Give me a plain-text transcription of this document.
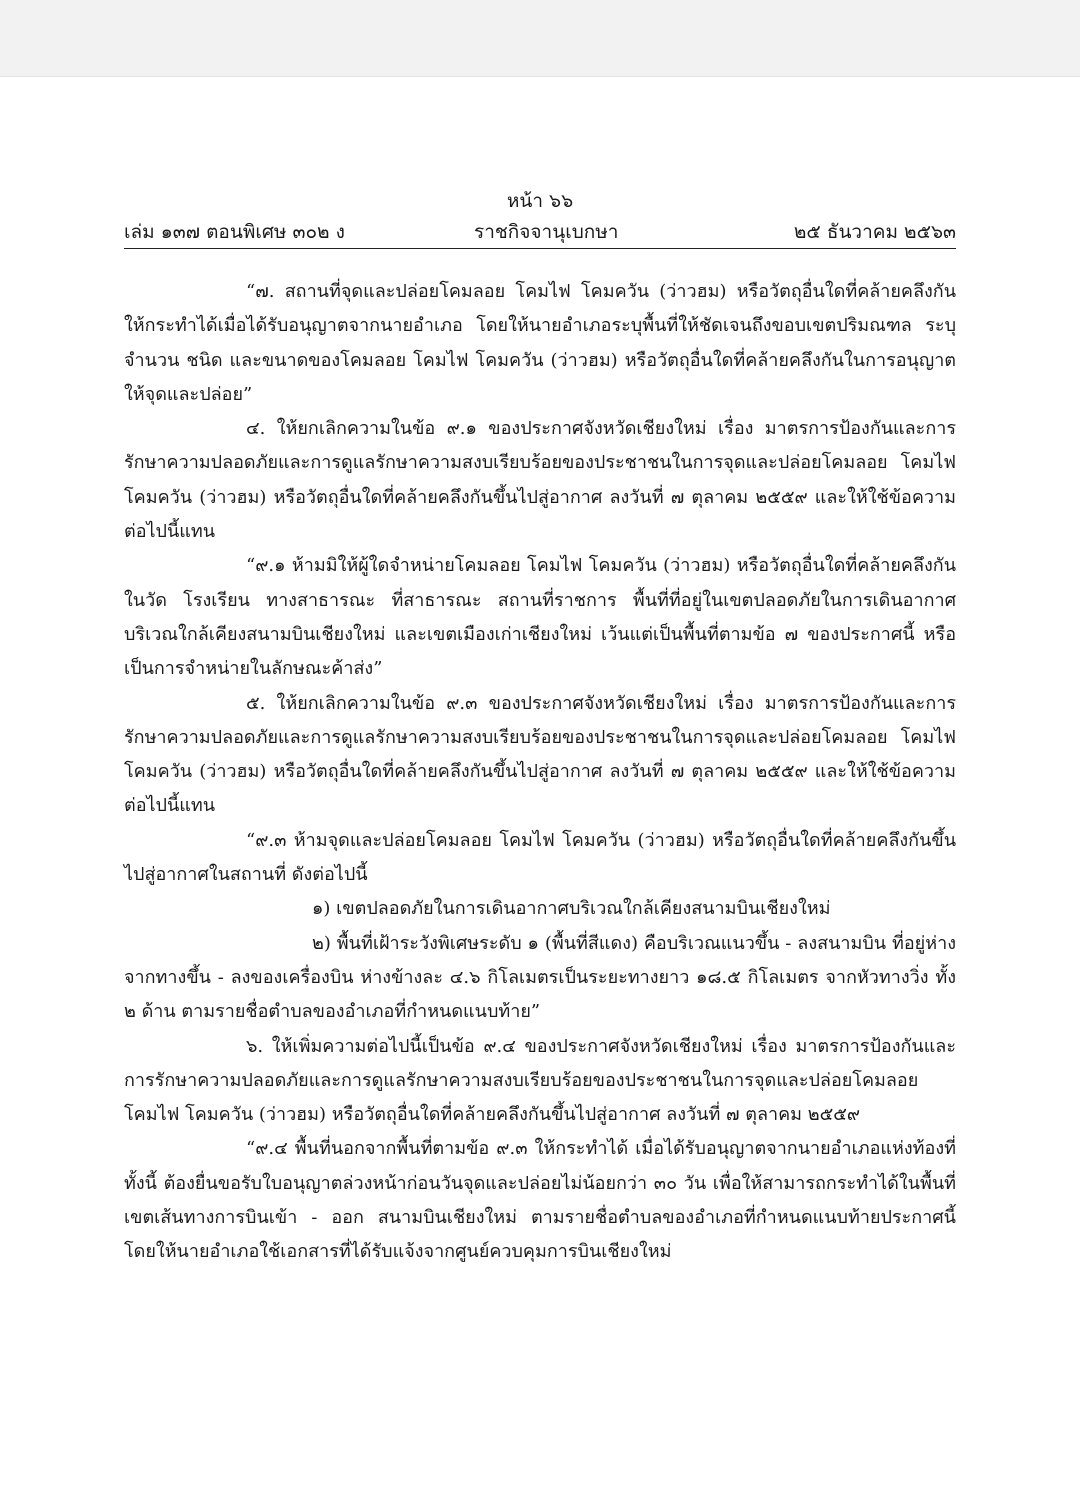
หน้า ๖๖
เล่ม ๑๓๗ ตอนพิเศษ ๓๐๒ ง	ราชกิจจานุเบกษา	๒๕ ธันวาคม ๒๕๖๓

“๗. สถานที่จุดและปล่อยโคมลอย โคมไฟ โคมควัน (ว่าวฮม) หรือวัตถุอื่นใดที่คล้ายคลึงกัน ให้กระทำได้เมื่อได้รับอนุญาตจากนายอำเภอ โดยให้นายอำเภอระบุพื้นที่ให้ชัดเจนถึงขอบเขตปริมณฑล ระบุจำนวน ชนิด และขนาดของโคมลอย โคมไฟ โคมควัน (ว่าวฮม) หรือวัตถุอื่นใดที่คล้ายคลึงกันในการอนุญาตให้จุดและปล่อย”

๔. ให้ยกเลิกความในข้อ ๙.๑ ของประกาศจังหวัดเชียงใหม่ เรื่อง มาตรการป้องกันและการรักษาความปลอดภัยและการดูแลรักษาความสงบเรียบร้อยของประชาชนในการจุดและปล่อยโคมลอย โคมไฟ โคมควัน (ว่าวฮม) หรือวัตถุอื่นใดที่คล้ายคลึงกันขึ้นไปสู่อากาศ ลงวันที่ ๗ ตุลาคม ๒๕๕๙ และให้ใช้ข้อความต่อไปนี้แทน

“๙.๑ ห้ามมิให้ผู้ใดจำหน่ายโคมลอย โคมไฟ โคมควัน (ว่าวฮม) หรือวัตถุอื่นใดที่คล้ายคลึงกัน ในวัด โรงเรียน ทางสาธารณะ ที่สาธารณะ สถานที่ราชการ พื้นที่ที่อยู่ในเขตปลอดภัยในการเดินอากาศบริเวณใกล้เคียงสนามบินเชียงใหม่ และเขตเมืองเก่าเชียงใหม่ เว้นแต่เป็นพื้นที่ตามข้อ ๗ ของประกาศนี้ หรือเป็นการจำหน่ายในลักษณะค้าส่ง”

๕. ให้ยกเลิกความในข้อ ๙.๓ ของประกาศจังหวัดเชียงใหม่ เรื่อง มาตรการป้องกันและการรักษาความปลอดภัยและการดูแลรักษาความสงบเรียบร้อยของประชาชนในการจุดและปล่อยโคมลอย โคมไฟ โคมควัน (ว่าวฮม) หรือวัตถุอื่นใดที่คล้ายคลึงกันขึ้นไปสู่อากาศ ลงวันที่ ๗ ตุลาคม ๒๕๕๙ และให้ใช้ข้อความต่อไปนี้แทน

“๙.๓ ห้ามจุดและปล่อยโคมลอย โคมไฟ โคมควัน (ว่าวฮม) หรือวัตถุอื่นใดที่คล้ายคลึงกันขึ้นไปสู่อากาศในสถานที่ ดังต่อไปนี้

๑) เขตปลอดภัยในการเดินอากาศบริเวณใกล้เคียงสนามบินเชียงใหม่

๒) พื้นที่เฝ้าระวังพิเศษระดับ ๑ (พื้นที่สีแดง) คือบริเวณแนวขึ้น - ลงสนามบิน ที่อยู่ห่างจากทางขึ้น - ลงของเครื่องบิน ห่างข้างละ ๔.๖ กิโลเมตรเป็นระยะทางยาว ๑๘.๕ กิโลเมตร จากหัวทางวิ่ง ทั้ง ๒ ด้าน ตามรายชื่อตำบลของอำเภอที่กำหนดแนบท้าย”

๖. ให้เพิ่มความต่อไปนี้เป็นข้อ ๙.๔ ของประกาศจังหวัดเชียงใหม่ เรื่อง มาตรการป้องกันและการรักษาความปลอดภัยและการดูแลรักษาความสงบเรียบร้อยของประชาชนในการจุดและปล่อยโคมลอย โคมไฟ โคมควัน (ว่าวฮม) หรือวัตถุอื่นใดที่คล้ายคลึงกันขึ้นไปสู่อากาศ ลงวันที่ ๗ ตุลาคม ๒๕๕๙

“๙.๔ พื้นที่นอกจากพื้นที่ตามข้อ ๙.๓ ให้กระทำได้ เมื่อได้รับอนุญาตจากนายอำเภอแห่งท้องที่ ทั้งนี้ ต้องยื่นขอรับใบอนุญาตล่วงหน้าก่อนวันจุดและปล่อยไม่น้อยกว่า ๓๐ วัน เพื่อให้สามารถกระทำได้ในพื้นที่เขตเส้นทางการบินเข้า - ออก สนามบินเชียงใหม่ ตามรายชื่อตำบลของอำเภอที่กำหนดแนบท้ายประกาศนี้ โดยให้นายอำเภอใช้เอกสารที่ได้รับแจ้งจากศูนย์ควบคุมการบินเชียงใหม่
